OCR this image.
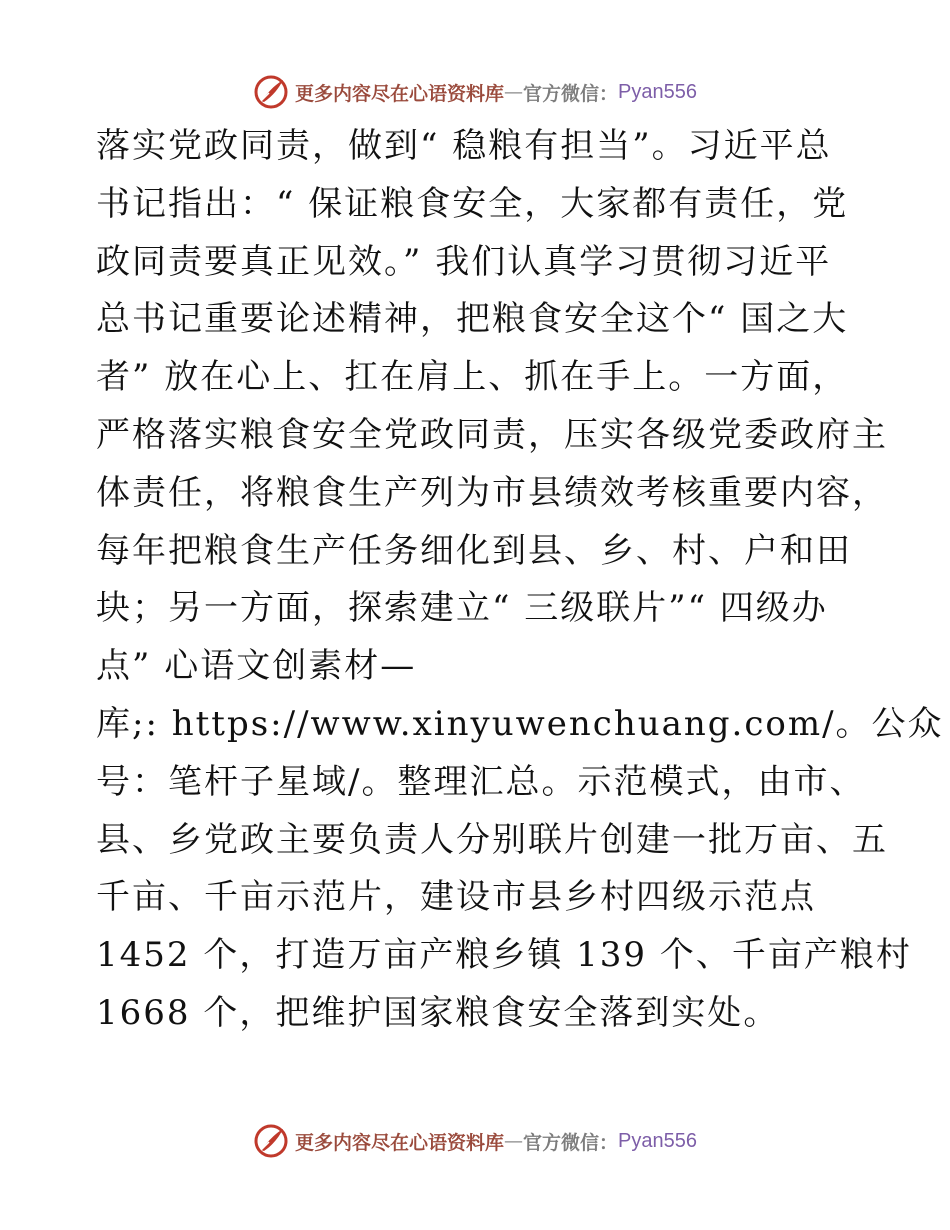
更多内容尽在心语资料库 — 官方微信： Pyan556
落实党政同责，做到“ 稳粮有担当”。习近平总
书记指出：“ 保证粮食安全，大家都有责任，党
政同责要真正见效。” 我们认真学习贯彻习近平
总书记重要论述精神，把粮食安全这个“ 国之大
者” 放在心上、扛在肩上、抓在手上。一方面，
严格落实粮食安全党政同责，压实各级党委政府主
体责任，将粮食生产列为市县绩效考核重要内容，
每年把粮食生产任务细化到县、乡、村、户和田
块；另一方面，探索建立“ 三级联片”“ 四级办
点” 心语文创素材—
库;: https://www.xinyuwenchuang.com/。公众
号：笔杆子星域/。整理汇总。示范模式，由市、
县、乡党政主要负责人分别联片创建一批万亩、五
千亩、千亩示范片，建设市县乡村四级示范点
1452 个，打造万亩产粮乡镇 139 个、千亩产粮村
1668 个，把维护国家粮食安全落到实处。
更多内容尽在心语资料库 — 官方微信： Pyan556
